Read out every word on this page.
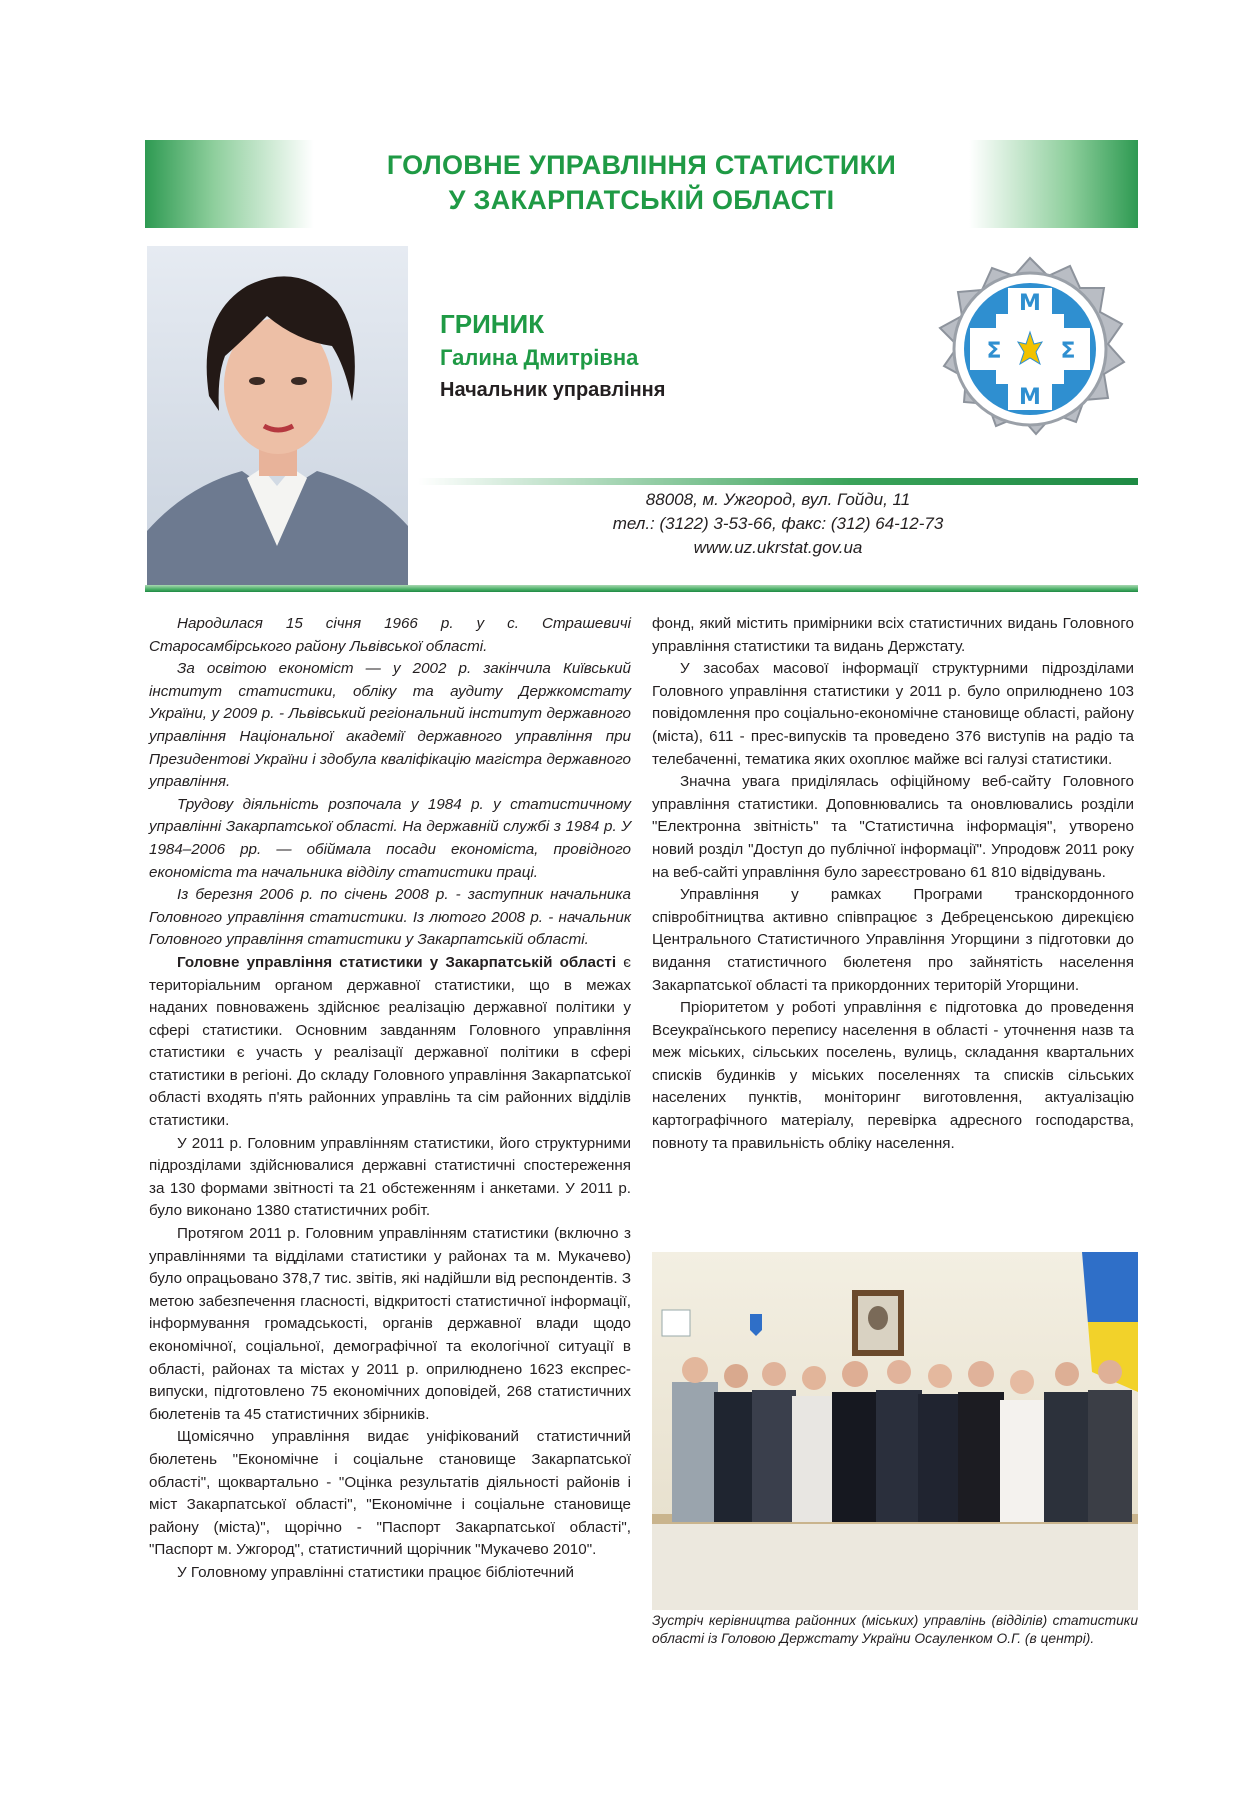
ГОЛОВНЕ УПРАВЛІННЯ СТАТИСТИКИ
У ЗАКАРПАТСЬКІЙ ОБЛАСТІ
ГРИНИК
Галина Дмитрівна
Начальник управління
М
Σ	Σ
М
88008, м. Ужгород, вул. Гойди, 11
тел.: (3122) 3-53-66, факс: (312) 64-12-73
www.uz.ukrstat.gov.ua

Народилася 15 січня 1966 р. у с. Страшевичі Старосамбірського району Львівської області.

За освітою економіст — у 2002 р. закінчила Київський інститут статистики, обліку та аудиту Держкомстату України, у 2009 р. - Львівський регіональний інститут державного управління Національної академії державного управління при Президентові України і здобула кваліфікацію магістра державного управління.

Трудову діяльність розпочала у 1984 р. у статистичному управлінні Закарпатської області. На державній службі з 1984 р. У 1984–2006 рр. — обіймала посади економіста, провідного економіста та начальника відділу статистики праці.

Із березня 2006 р. по січень 2008 р. - заступник начальника Головного управління статистики. Із лютого 2008 р. - начальник Головного управління статистики у Закарпатській області.

Головне управління статистики у Закарпатській області є територіальним органом державної статистики, що в межах наданих повноважень здійснює реалізацію державної політики у сфері статистики. Основним завданням Головного управління статистики є участь у реалізації державної політики в сфері статистики в регіоні. До складу Головного управління Закарпатської області входять п'ять районних управлінь та сім районних відділів статистики.

У 2011 р. Головним управлінням статистики, його структурними підрозділами здійснювалися державні статистичні спостереження за 130 формами звітності та 21 обстеженням і анкетами. У 2011 р. було виконано 1380 статистичних робіт.

Протягом 2011 р. Головним управлінням статистики (включно з управліннями та відділами статистики у районах та м. Мукачево) було опрацьовано 378,7 тис. звітів, які надійшли від респондентів. З метою забезпечення гласності, відкритості статистичної інформації, інформування громадськості, органів державної влади щодо економічної, соціальної, демографічної та екологічної ситуації в області, районах та містах у 2011 р. оприлюднено 1623 експрес-випуски, підготовлено 75 економічних доповідей, 268 статистичних бюлетенів та 45 статистичних збірників.

Щомісячно управління видає уніфікований статистичний бюлетень "Економічне і соціальне становище Закарпатської області", щоквартально - "Оцінка результатів діяльності районів і міст Закарпатської області", "Економічне і соціальне становище району (міста)", щорічно - "Паспорт Закарпатської області", "Паспорт м. Ужгород", статистичний щорічник "Мукачево 2010".

У Головному управлінні статистики працює бібліотечний

фонд, який містить примірники всіх статистичних видань Головного управління статистики та видань Держстату.

У засобах масової інформації структурними підрозділами Головного управління статистики у 2011 р. було оприлюднено 103 повідомлення про соціально-економічне становище області, району (міста), 611 - прес-випусків та проведено 376 виступів на радіо та телебаченні, тематика яких охоплює майже всі галузі статистики.

Значна увага приділялась офіційному веб-сайту Головного управління статистики. Доповнювались та оновлювались розділи "Електронна звітність" та "Статистична інформація", утворено новий розділ "Доступ до публічної інформації". Упродовж 2011 року на веб-сайті управління було зареєстровано 61 810 відвідувань.

Управління у рамках Програми транскордонного співробітництва активно співпрацює з Дебреценською дирекцією Центрального Статистичного Управління Угорщини з підготовки до видання статистичного бюлетеня про зайнятість населення Закарпатської області та прикордонних територій Угорщини.

Пріоритетом у роботі управління є підготовка до проведення Всеукраїнського перепису населення в області - уточнення назв та меж міських, сільських поселень, вулиць, складання квартальних списків будинків у міських поселеннях та списків сільських населених пунктів, моніторинг виготовлення, актуалізацію картографічного матеріалу, перевірка адресного господарства, повноту та правильність обліку населення.

Зустріч керівництва районних (міських) управлінь (відділів) статистики області із Головою Держстату України Осауленком О.Г. (в центрі).
